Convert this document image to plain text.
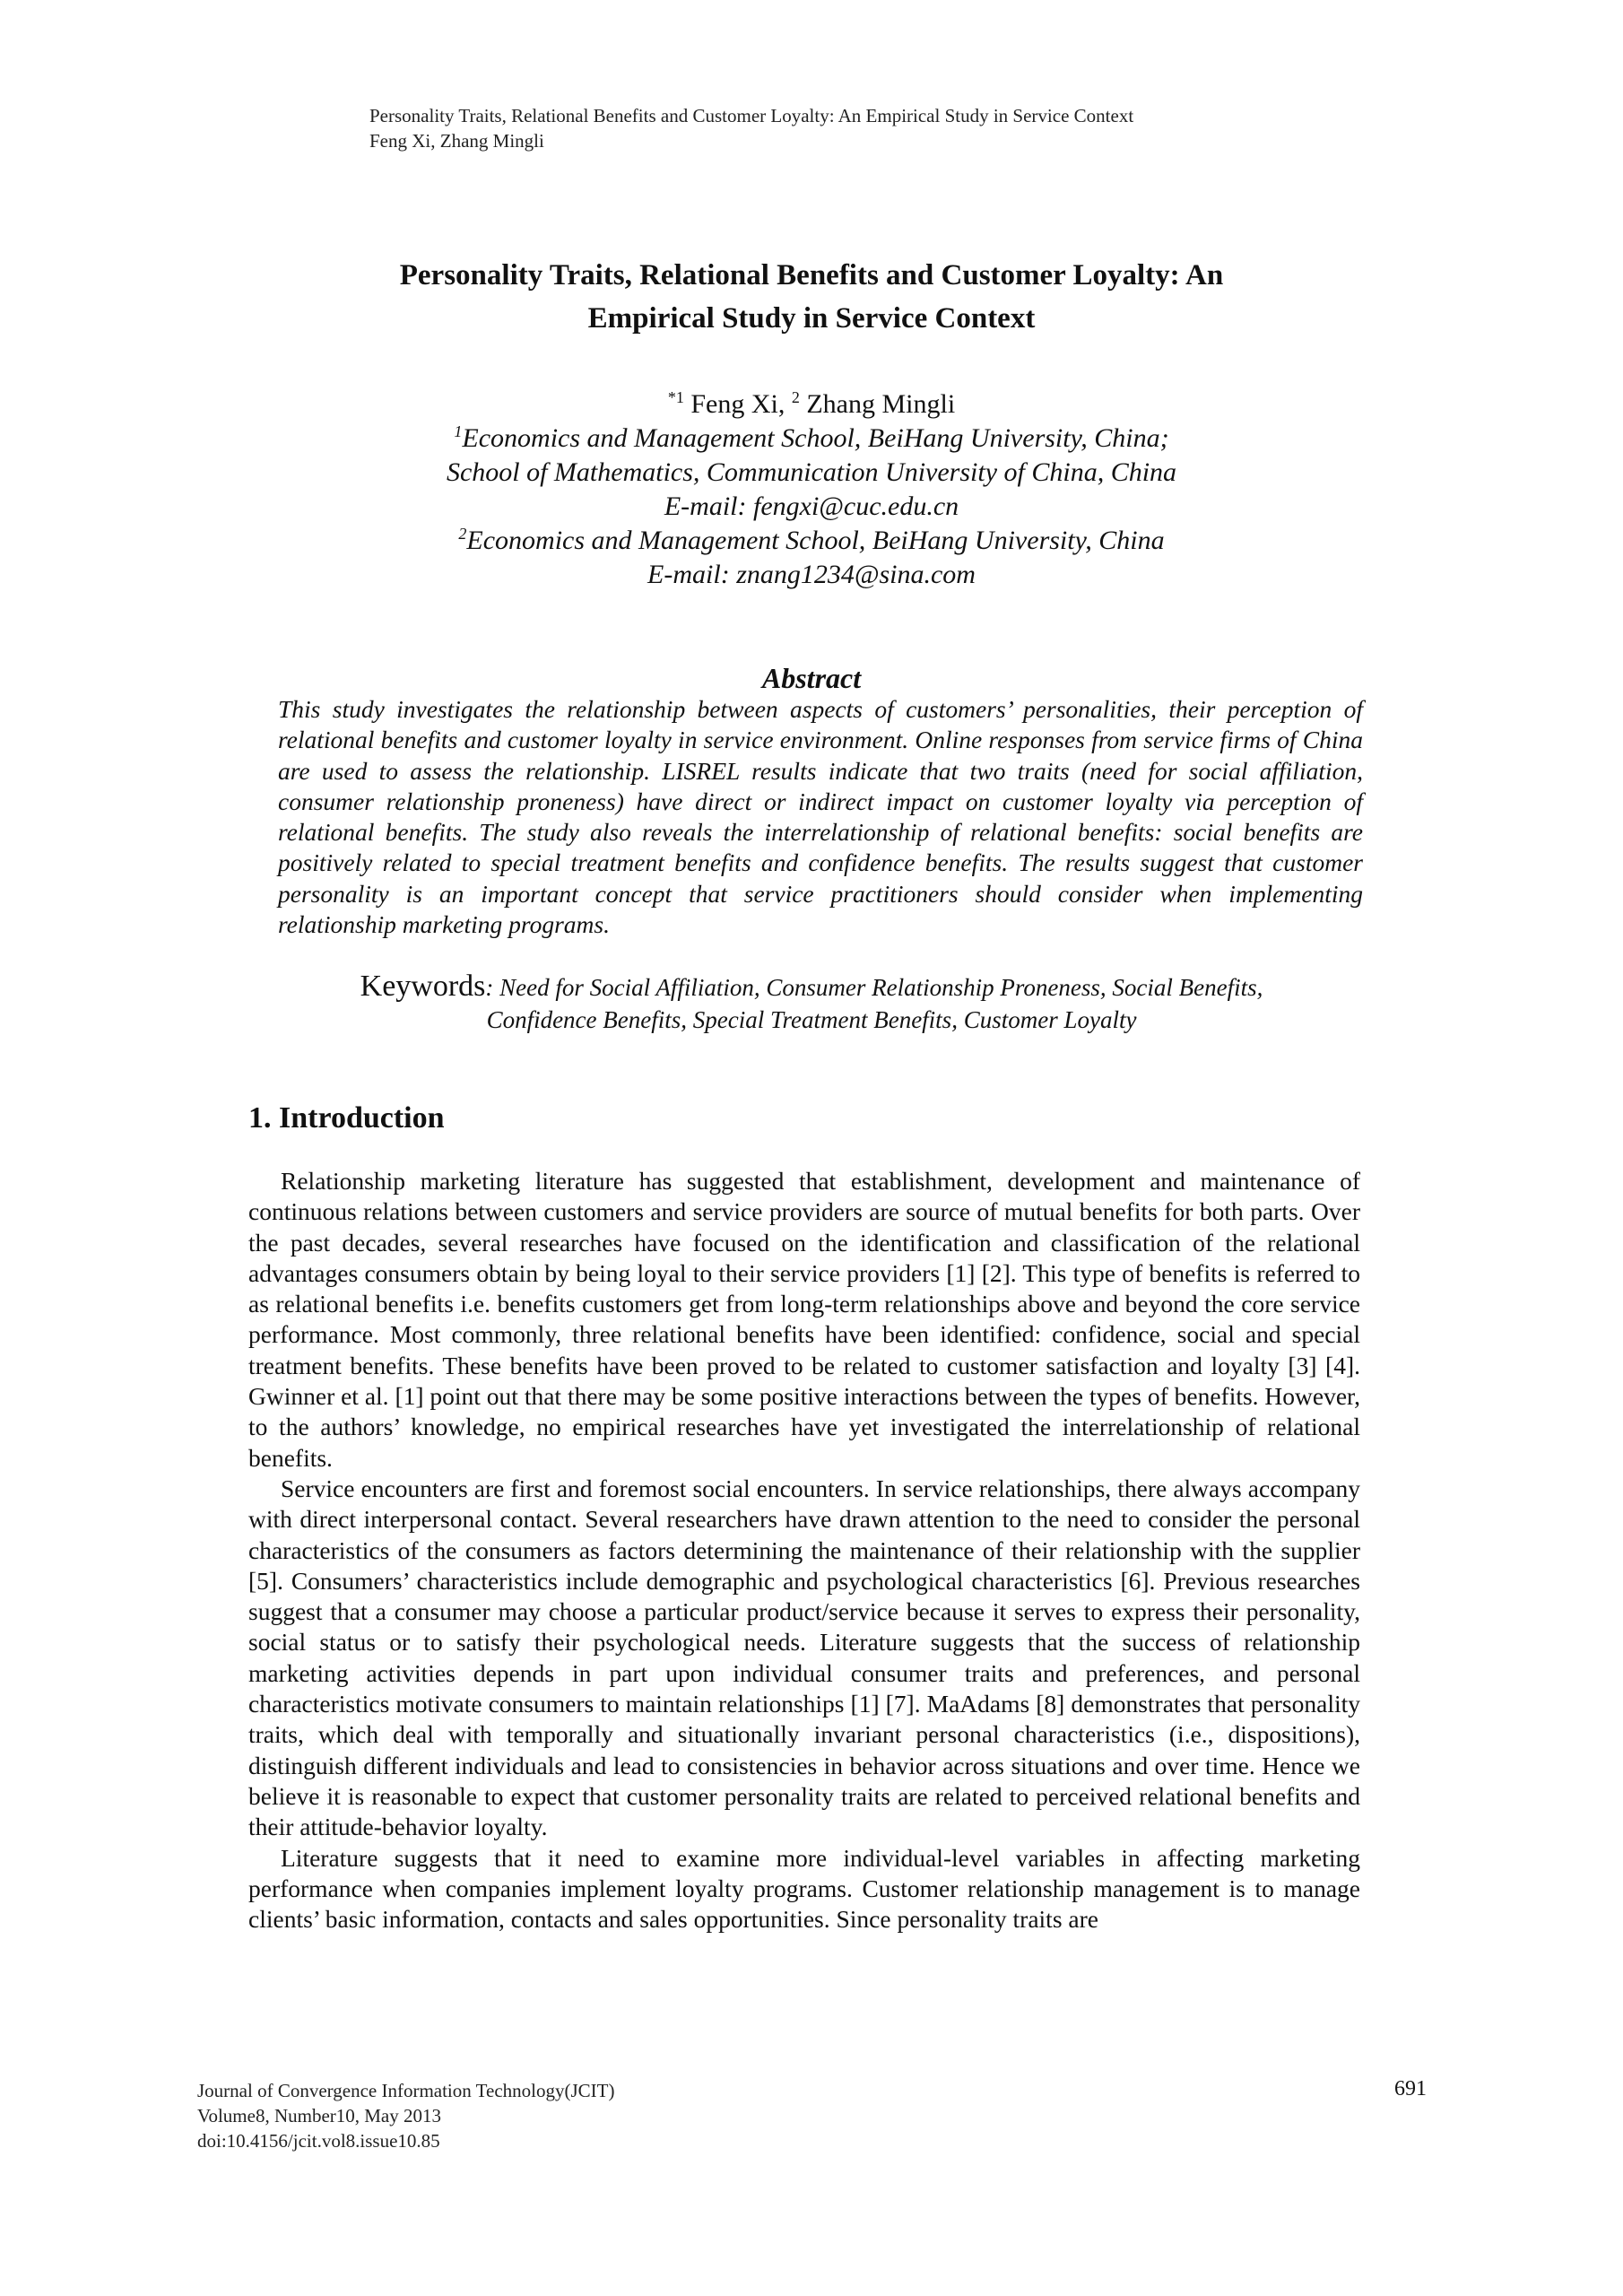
Personality Traits, Relational Benefits and Customer Loyalty: An Empirical Study in Service Context
Feng Xi, Zhang Mingli
Personality Traits, Relational Benefits and Customer Loyalty: An
Empirical Study in Service Context
$^{*1}$ Feng Xi, $^2$ Zhang Mingli
$^1$Economics and Management School, BeiHang University, China;
School of Mathematics, Communication University of China, China
E-mail: fengxi@cuc.edu.cn
$^2$Economics and Management School, BeiHang University, China
E-mail: znang1234@sina.com
Abstract
This study investigates the relationship between aspects of customers’ personalities, their perception of relational benefits and customer loyalty in service environment. Online responses from service firms of China are used to assess the relationship. LISREL results indicate that two traits (need for social affiliation, consumer relationship proneness) have direct or indirect impact on customer loyalty via perception of relational benefits. The study also reveals the interrelationship of relational benefits: social benefits are positively related to special treatment benefits and confidence benefits. The results suggest that customer personality is an important concept that service practitioners should consider when implementing relationship marketing programs.
Keywords: Need for Social Affiliation, Consumer Relationship Proneness, Social Benefits,
Confidence Benefits, Special Treatment Benefits, Customer Loyalty
1. Introduction

Relationship marketing literature has suggested that establishment, development and maintenance of continuous relations between customers and service providers are source of mutual benefits for both parts. Over the past decades, several researches have focused on the identification and classification of the relational advantages consumers obtain by being loyal to their service providers [1] [2]. This type of benefits is referred to as relational benefits i.e. benefits customers get from long-term relationships above and beyond the core service performance. Most commonly, three relational benefits have been identified: confidence, social and special treatment benefits. These benefits have been proved to be related to customer satisfaction and loyalty [3] [4]. Gwinner et al. [1] point out that there may be some positive interactions between the types of benefits. However, to the authors’ knowledge, no empirical researches have yet investigated the interrelationship of relational benefits.

Service encounters are first and foremost social encounters. In service relationships, there always accompany with direct interpersonal contact. Several researchers have drawn attention to the need to consider the personal characteristics of the consumers as factors determining the maintenance of their relationship with the supplier [5]. Consumers’ characteristics include demographic and psychological characteristics [6]. Previous researches suggest that a consumer may choose a particular product/service because it serves to express their personality, social status or to satisfy their psychological needs. Literature suggests that the success of relationship marketing activities depends in part upon individual consumer traits and preferences, and personal characteristics motivate consumers to maintain relationships [1] [7]. MaAdams [8] demonstrates that personality traits, which deal with temporally and situationally invariant personal characteristics (i.e., dispositions), distinguish different individuals and lead to consistencies in behavior across situations and over time. Hence we believe it is reasonable to expect that customer personality traits are related to perceived relational benefits and their attitude-behavior loyalty.

Literature suggests that it need to examine more individual-level variables in affecting marketing performance when companies implement loyalty programs. Customer relationship management is to manage clients’ basic information, contacts and sales opportunities. Since personality traits are

Journal of Convergence Information Technology(JCIT)
Volume8, Number10, May 2013
doi:10.4156/jcit.vol8.issue10.85
691
